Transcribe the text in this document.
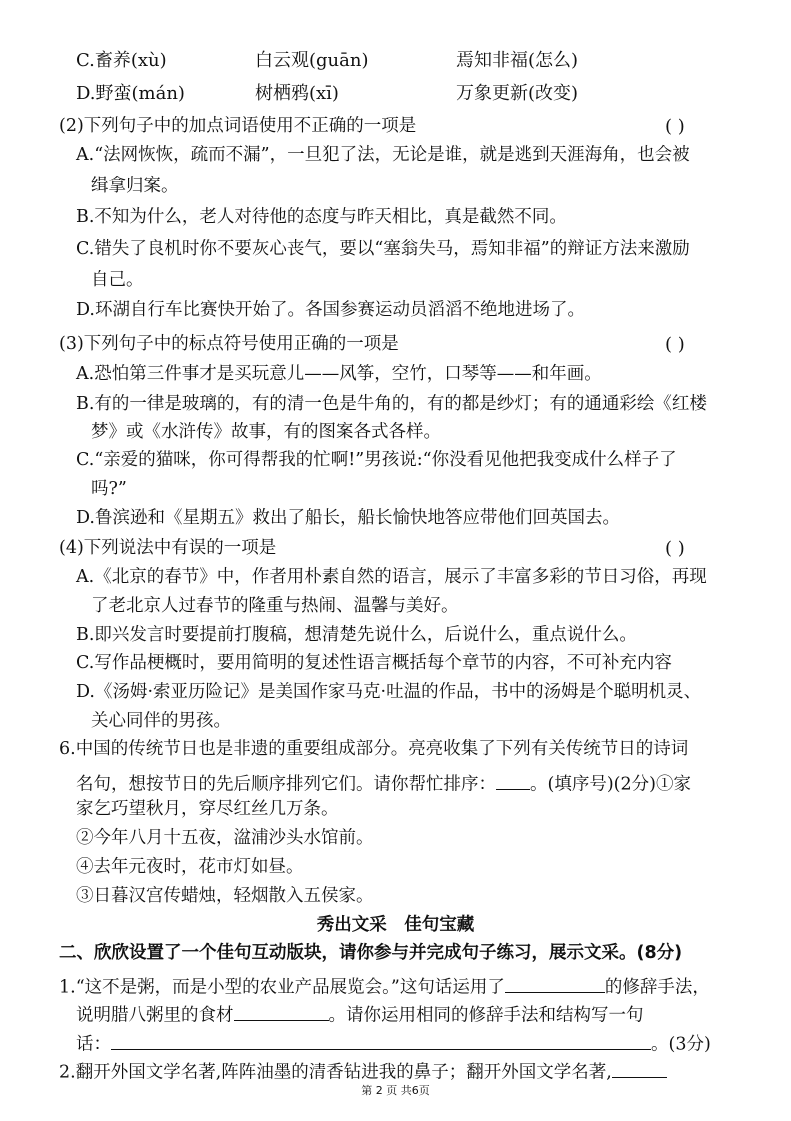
C.畜养(xù)	白云观(guān)	焉知非福(怎么)
D.野蛮(mán)	树栖鸦(xī)	万象更新(改变)
(2)下列句子中的加点词语使用不正确的一项是	( )
A.“法网恢恢，疏而不漏”，一旦犯了法，无论是谁，就是逃到天涯海角，也会被
缉拿归案。
B.不知为什么，老人对待他的态度与昨天相比，真是截然不同。
C.错失了良机时你不要灰心丧气，要以“塞翁失马，焉知非福”的辩证方法来激励
自己。
D.环湖自行车比赛快开始了。各国参赛运动员滔滔不绝地进场了。
(3)下列句子中的标点符号使用正确的一项是	( )
A.恐怕第三件事才是买玩意儿——风筝，空竹，口琴等——和年画。
B.有的一律是玻璃的，有的清一色是牛角的，有的都是纱灯；有的通通彩绘《红楼
梦》或《水浒传》故事，有的图案各式各样。
C.“亲爱的猫咪，你可得帮我的忙啊!”男孩说:“你没看见他把我变成什么样子了
吗?”
D.鲁滨逊和《星期五》救出了船长，船长愉快地答应带他们回英国去。
(4)下列说法中有误的一项是	( )
A.《北京的春节》中，作者用朴素自然的语言，展示了丰富多彩的节日习俗，再现
了老北京人过春节的隆重与热闹、温馨与美好。
B.即兴发言时要提前打腹稿，想清楚先说什么，后说什么，重点说什么。
C.写作品梗概时，要用简明的复述性语言概括每个章节的内容，不可补充内容
D.《汤姆·索亚历险记》是美国作家马克·吐温的作品，书中的汤姆是个聪明机灵、
关心同伴的男孩。
6.中国的传统节日也是非遗的重要组成部分。亮亮收集了下列有关传统节日的诗词
名句，想按节日的先后顺序排列它们。请你帮忙排序： 。(填序号)(2分)①家
家乞巧望秋月，穿尽红丝几万条。
②今年八月十五夜，湓浦沙头水馆前。
④去年元夜时，花市灯如昼。
③日暮汉宫传蜡烛，轻烟散入五侯家。
秀出文采　佳句宝藏
二、欣欣设置了一个佳句互动版块，请你参与并完成句子练习，展示文采。(8分)
1.“这不是粥，而是小型的农业产品展览会。”这句话运用了	的修辞手法，
说明腊八粥里的食材	。请你运用相同的修辞手法和结构写一句
话：	。(3分)
2.翻开外国文学名著,阵阵油墨的清香钻进我的鼻子；翻开外国文学名著,
第 2 页 共6页
